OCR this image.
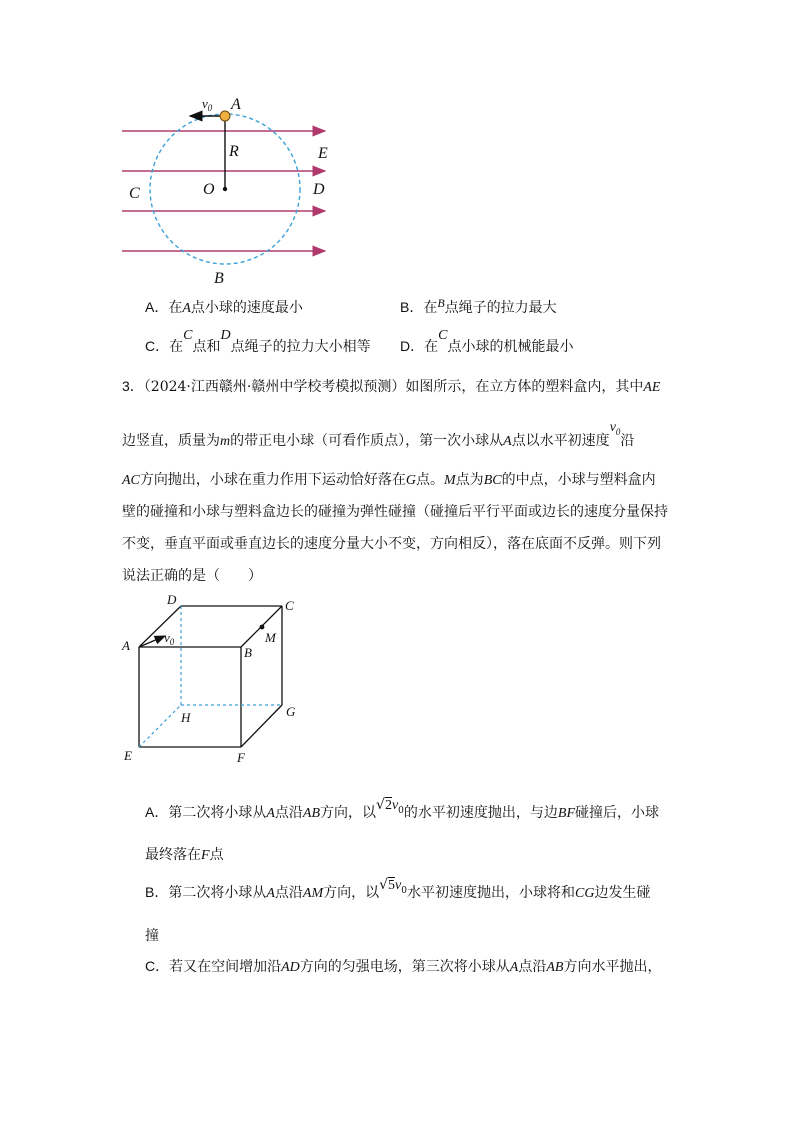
$v_0$ A
R	E
O
C	D
B
A．在A点小球的速度最小	B．在B点绳子的拉力最大
C．在C点和D点绳子的拉力大小相等 D．在C点小球的机械能最小
3．（2024·江西赣州·赣州中学校考模拟预测）如图所示，在立方体的塑料盒内，其中AE
边竖直，质量为m的带正电小球（可看作质点），第一次小球从A点以水平初速度$v_0$沿
AC方向抛出，小球在重力作用下运动恰好落在G点。M点为BC的中点，小球与塑料盒内
壁的碰撞和小球与塑料盒边长的碰撞为弹性碰撞（碰撞后平行平面或边长的速度分量保持
不变，垂直平面或垂直边长的速度分量大小不变，方向相反），落在底面不反弹。则下列
说法正确的是（　　）
D	C
A
$v_0$	M
B
H	G
E	F
A．第二次将小球从A点沿AB方向，以$√2v_0$的水平初速度抛出，与边BF碰撞后，小球
最终落在F点
B．第二次将小球从A点沿AM方向，以$√5v_0$水平初速度抛出，小球将和CG边发生碰
撞
C．若又在空间增加沿AD方向的匀强电场，第三次将小球从A点沿AB方向水平抛出，
